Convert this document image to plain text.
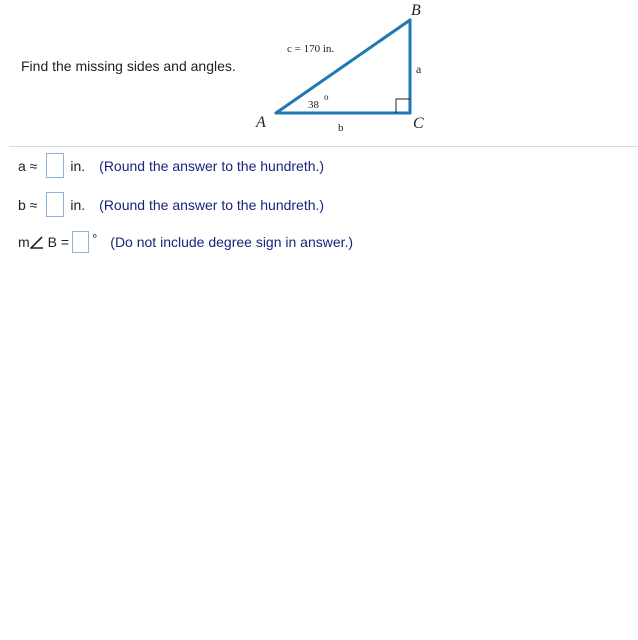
Find the missing sides and angles.
B
A	C
c = 170 in.
a
b
38
o
a ≈ in. (Round the answer to the hundreth.)
b ≈ in. (Round the answer to the hundreth.)
m B = ° (Do not include degree sign in answer.)
